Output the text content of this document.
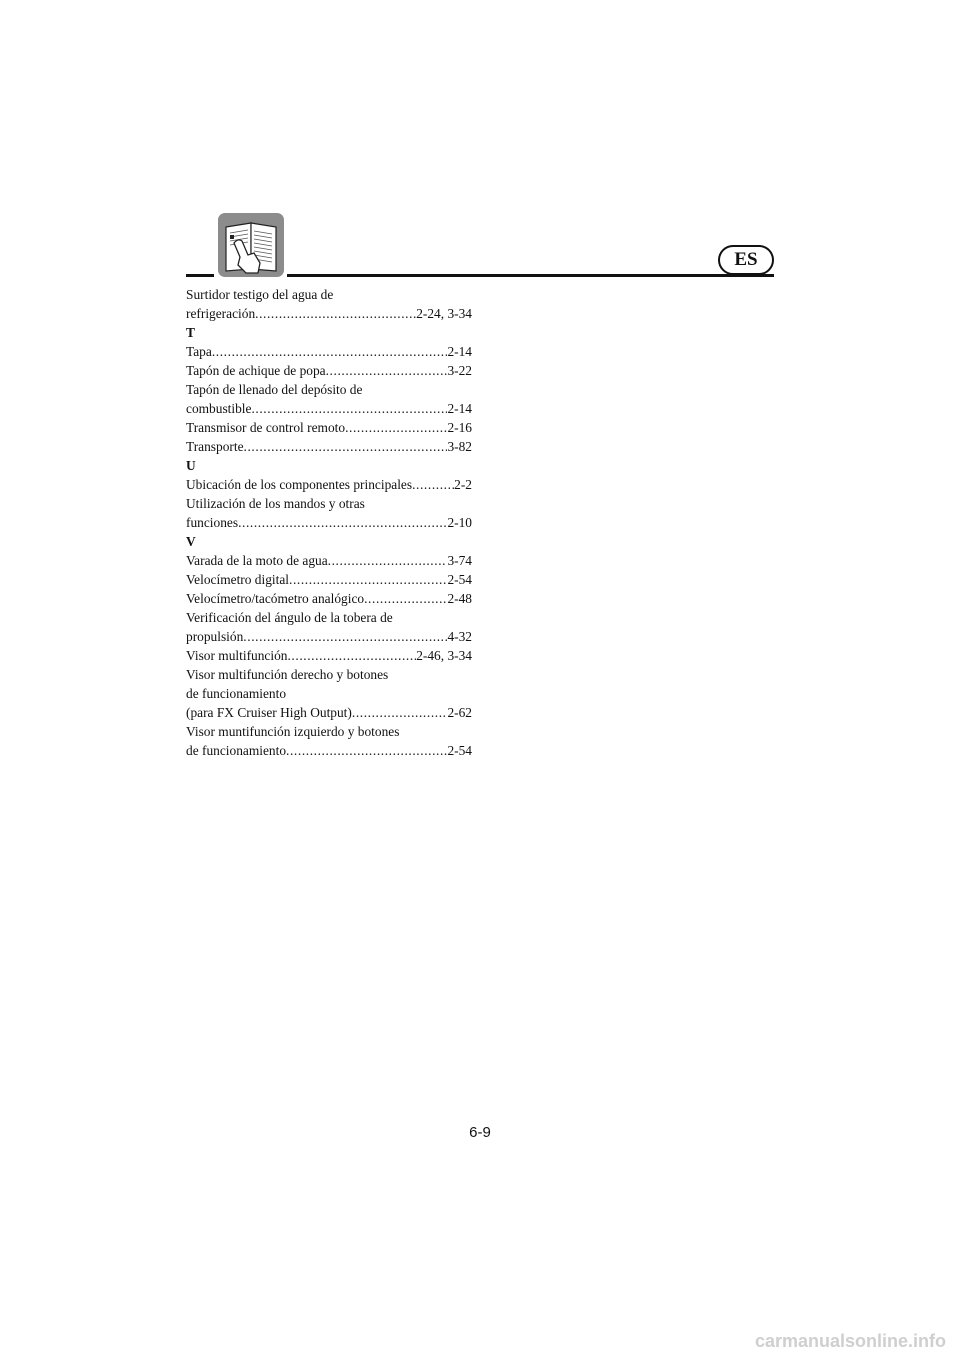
ES
Surtidor testigo del agua de
refrigeración .....	2-24, 3-34
T
Tapa .....	2-14
Tapón de achique de popa .....	3-22
Tapón de llenado del depósito de
combustible .....	2-14
Transmisor de control remoto .....	2-16
Transporte .....	3-82
U
Ubicación de los componentes principales .....	2-2
Utilización de los mandos y otras
funciones .....	2-10
V
Varada de la moto de agua .....	3-74
Velocímetro digital .....	2-54
Velocímetro/tacómetro analógico .....	2-48
Verificación del ángulo de la tobera de
propulsión .....	4-32
Visor multifunción .....	2-46, 3-34
Visor multifunción derecho y botones
de funcionamiento
(para FX Cruiser High Output) .....	2-62
Visor muntifunción izquierdo y botones
de funcionamiento .....	2-54
6-9
carmanualsonline.info
